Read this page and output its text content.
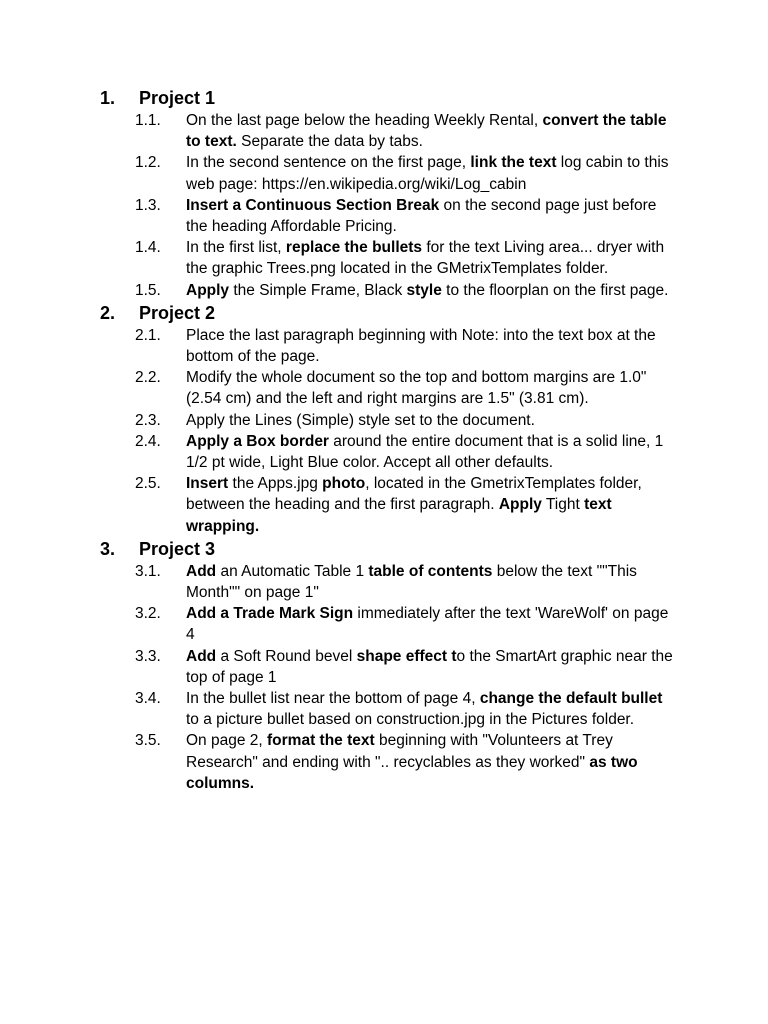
1.	Project 1
1.1.	On the last page below the heading Weekly Rental, convert the table to text. Separate the data by tabs.
1.2.	In the second sentence on the first page, link the text log cabin to this web page: https://en.wikipedia.org/wiki/Log_cabin
1.3.	Insert a Continuous Section Break on the second page just before the heading Affordable Pricing.
1.4.	In the first list, replace the bullets for the text Living area... dryer with the graphic Trees.png located in the GMetrixTemplates folder.
1.5.	Apply the Simple Frame, Black style to the floorplan on the first page.
2.	Project 2
2.1.	Place the last paragraph beginning with Note: into the text box at the bottom of the page.
2.2.	Modify the whole document so the top and bottom margins are 1.0" (2.54 cm) and the left and right margins are 1.5" (3.81 cm).
2.3.	Apply the Lines (Simple) style set to the document.
2.4.	Apply a Box border around the entire document that is a solid line, 1 1/2 pt wide, Light Blue color. Accept all other defaults.
2.5.	Insert the Apps.jpg photo, located in the GmetrixTemplates folder, between the heading and the first paragraph. Apply Tight text wrapping.
3.	Project 3
3.1.	Add an Automatic Table 1 table of contents below the text ""This Month"" on page 1"
3.2.	Add a Trade Mark Sign immediately after the text 'WareWolf' on page 4
3.3.	Add a Soft Round bevel shape effect to the SmartArt graphic near the top of page 1
3.4.	In the bullet list near the bottom of page 4, change the default bullet to a picture bullet based on construction.jpg in the Pictures folder.
3.5.	On page 2, format the text beginning with "Volunteers at Trey Research" and ending with ".. recyclables as they worked" as two columns.
